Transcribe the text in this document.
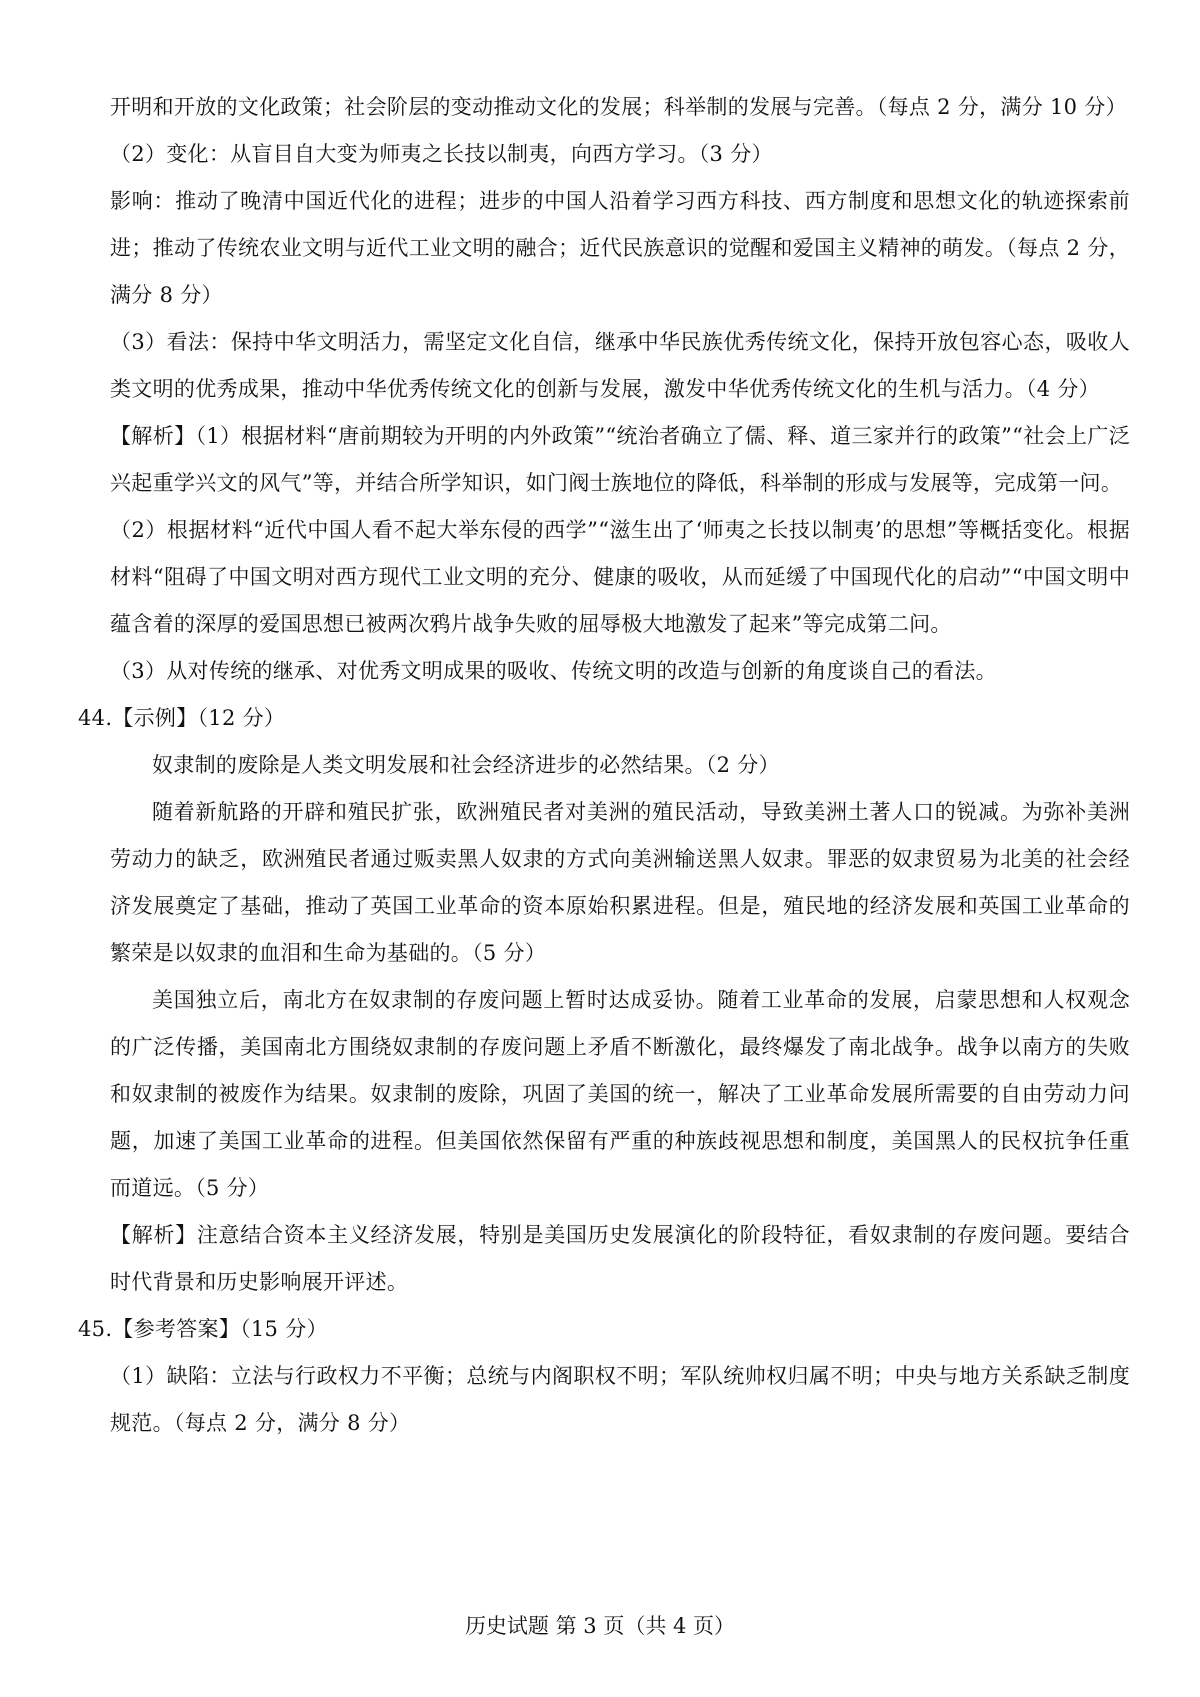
开明和开放的文化政策；社会阶层的变动推动文化的发展；科举制的发展与完善。（每点 2 分，满分 10 分）

（2）变化：从盲目自大变为师夷之长技以制夷，向西方学习。（3 分）

影响：推动了晚清中国近代化的进程；进步的中国人沿着学习西方科技、西方制度和思想文化的轨迹探索前进；推动了传统农业文明与近代工业文明的融合；近代民族意识的觉醒和爱国主义精神的萌发。（每点 2 分，满分 8 分）

（3）看法：保持中华文明活力，需坚定文化自信，继承中华民族优秀传统文化，保持开放包容心态，吸收人类文明的优秀成果，推动中华优秀传统文化的创新与发展，激发中华优秀传统文化的生机与活力。（4 分）

【解析】（1）根据材料“唐前期较为开明的内外政策”“统治者确立了儒、释、道三家并行的政策”“社会上广泛兴起重学兴文的风气”等，并结合所学知识，如门阀士族地位的降低，科举制的形成与发展等，完成第一问。

（2）根据材料“近代中国人看不起大举东侵的西学”“滋生出了‘师夷之长技以制夷’的思想”等概括变化。根据材料“阻碍了中国文明对西方现代工业文明的充分、健康的吸收，从而延缓了中国现代化的启动”“中国文明中蕴含着的深厚的爱国思想已被两次鸦片战争失败的屈辱极大地激发了起来”等完成第二问。

（3）从对传统的继承、对优秀文明成果的吸收、传统文明的改造与创新的角度谈自己的看法。

44.【示例】（12 分）

奴隶制的废除是人类文明发展和社会经济进步的必然结果。（2 分）

随着新航路的开辟和殖民扩张，欧洲殖民者对美洲的殖民活动，导致美洲土著人口的锐减。为弥补美洲劳动力的缺乏，欧洲殖民者通过贩卖黑人奴隶的方式向美洲输送黑人奴隶。罪恶的奴隶贸易为北美的社会经济发展奠定了基础，推动了英国工业革命的资本原始积累进程。但是，殖民地的经济发展和英国工业革命的繁荣是以奴隶的血泪和生命为基础的。（5 分）

美国独立后，南北方在奴隶制的存废问题上暂时达成妥协。随着工业革命的发展，启蒙思想和人权观念的广泛传播，美国南北方围绕奴隶制的存废问题上矛盾不断激化，最终爆发了南北战争。战争以南方的失败和奴隶制的被废作为结果。奴隶制的废除，巩固了美国的统一，解决了工业革命发展所需要的自由劳动力问题，加速了美国工业革命的进程。但美国依然保留有严重的种族歧视思想和制度，美国黑人的民权抗争任重而道远。（5 分）

【解析】注意结合资本主义经济发展，特别是美国历史发展演化的阶段特征，看奴隶制的存废问题。要结合时代背景和历史影响展开评述。

45.【参考答案】（15 分）

（1）缺陷：立法与行政权力不平衡；总统与内阁职权不明；军队统帅权归属不明；中央与地方关系缺乏制度规范。（每点 2 分，满分 8 分）

历史试题 第 3 页（共 4 页）
